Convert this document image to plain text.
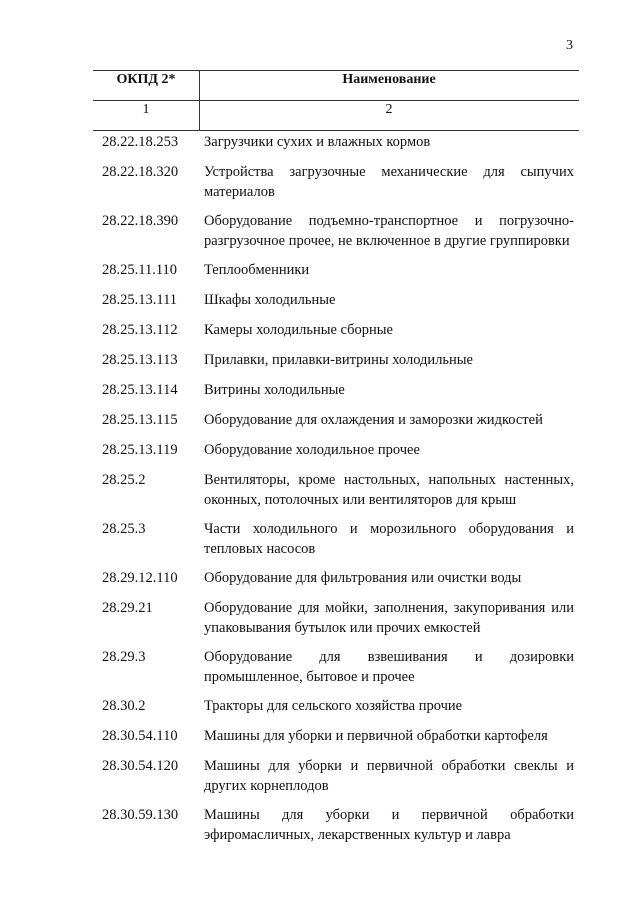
3
ОКПД 2*	Наименование
1	2
28.22.18.253 Загрузчики сухих и влажных кормов
28.22.18.320 Устройства загрузочные механические для сыпучих материалов
28.22.18.390 Оборудование подъемно-транспортное и погрузочно-разгрузочное прочее, не включенное в другие группировки
28.25.11.110 Теплообменники
28.25.13.111 Шкафы холодильные
28.25.13.112 Камеры холодильные сборные
28.25.13.113 Прилавки, прилавки-витрины холодильные
28.25.13.114 Витрины холодильные
28.25.13.115 Оборудование для охлаждения и заморозки жидкостей
28.25.13.119 Оборудование холодильное прочее
28.25.2	Вентиляторы, кроме настольных, напольных настенных, оконных, потолочных или вентиляторов для крыш
28.25.3	Части холодильного и морозильного оборудования и тепловых насосов
28.29.12.110 Оборудование для фильтрования или очистки воды
28.29.21	Оборудование для мойки, заполнения, закупоривания или упаковывания бутылок или прочих емкостей
28.29.3	Оборудование для взвешивания и дозировки промышленное, бытовое и прочее
28.30.2	Тракторы для сельского хозяйства прочие
28.30.54.110 Машины для уборки и первичной обработки картофеля
28.30.54.120 Машины для уборки и первичной обработки свеклы и других корнеплодов
28.30.59.130 Машины для уборки и первичной обработки эфиромасличных, лекарственных культур и лавра
